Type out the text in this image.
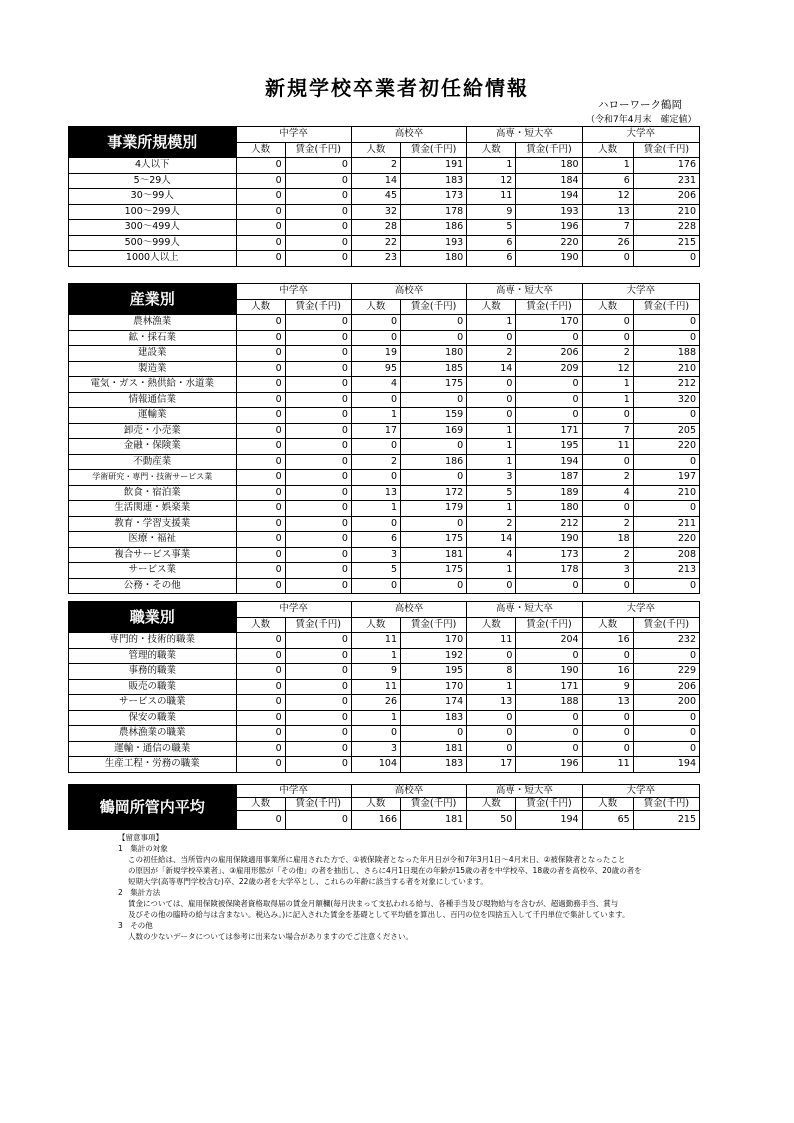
新規学校卒業者初任給情報
ハローワーク鶴岡
（令和7年4月末　確定値）
事業所規模別	中学卒		高校卒		高専・短大卒		大学卒	
	人数	賃金(千円)	人数	賃金(千円)	人数	賃金(千円)	人数	賃金(千円)
4人以下	0	0	2	191	1	180	1	176
5～29人	0	0	14	183	12	184	6	231
30～99人	0	0	45	173	11	194	12	206
100～299人	0	0	32	178	9	193	13	210
300～499人	0	0	28	186	5	196	7	228
500～999人	0	0	22	193	6	220	26	215
1000人以上	0	0	23	180	6	190	0	0
産業別	中学卒		高校卒		高専・短大卒		大学卒	
	人数	賃金(千円)	人数	賃金(千円)	人数	賃金(千円)	人数	賃金(千円)
農林漁業	0	0	0	0	1	170	0	0
鉱・採石業	0	0	0	0	0	0	0	0
建設業	0	0	19	180	2	206	2	188
製造業	0	0	95	185	14	209	12	210
電気・ガス・熱供給・水道業	0	0	4	175	0	0	1	212
情報通信業	0	0	0	0	0	0	1	320
運輸業	0	0	1	159	0	0	0	0
卸売・小売業	0	0	17	169	1	171	7	205
金融・保険業	0	0	0	0	1	195	11	220
不動産業	0	0	2	186	1	194	0	0
学術研究・専門・技術サービス業	0	0	0	0	3	187	2	197
飲食・宿泊業	0	0	13	172	5	189	4	210
生活関連・娯楽業	0	0	1	179	1	180	0	0
教育・学習支援業	0	0	0	0	2	212	2	211
医療・福祉	0	0	6	175	14	190	18	220
複合サービス事業	0	0	3	181	4	173	2	208
サービス業	0	0	5	175	1	178	3	213
公務・その他	0	0	0	0	0	0	0	0
職業別	中学卒		高校卒		高専・短大卒		大学卒	
	人数	賃金(千円)	人数	賃金(千円)	人数	賃金(千円)	人数	賃金(千円)
専門的・技術的職業	0	0	11	170	11	204	16	232
管理的職業	0	0	1	192	0	0	0	0
事務的職業	0	0	9	195	8	190	16	229
販売の職業	0	0	11	170	1	171	9	206
サービスの職業	0	0	26	174	13	188	13	200
保安の職業	0	0	1	183	0	0	0	0
農林漁業の職業	0	0	0	0	0	0	0	0
運輸・通信の職業	0	0	3	181	0	0	0	0
生産工程・労務の職業	0	0	104	183	17	196	11	194
鶴岡所管内平均	中学卒		高校卒		高専・短大卒		大学卒	
	人数	賃金(千円)	人数	賃金(千円)	人数	賃金(千円)	人数	賃金(千円)
	0	0	166	181	50	194	65	215
【留意事項】
1　集計の対象
この初任給は、当所管内の雇用保険適用事業所に雇用された方で、①被保険者となった年月日が令和7年3月1日～4月末日、②被保険者となったこと
の原因が「新規学校卒業者」、③雇用形態が「その他」の者を抽出し、さらに4月1日現在の年齢が15歳の者を中学校卒、18歳の者を高校卒、20歳の者を
短期大学(高等専門学校含む)卒、22歳の者を大学卒とし、これらの年齢に該当する者を対象にしています。
2　集計方法
賃金については、雇用保険被保険者資格取得届の賃金月額欄(毎月決まって支払われる給与、各種手当及び現物給与を含むが、超過勤務手当、賞与
及びその他の臨時の給与は含まない。税込み。)に記入された賃金を基礎として平均値を算出し、百円の位を四捨五入して千円単位で集計しています。
3　その他
人数の少ないデータについては参考に出来ない場合がありますのでご注意ください。
